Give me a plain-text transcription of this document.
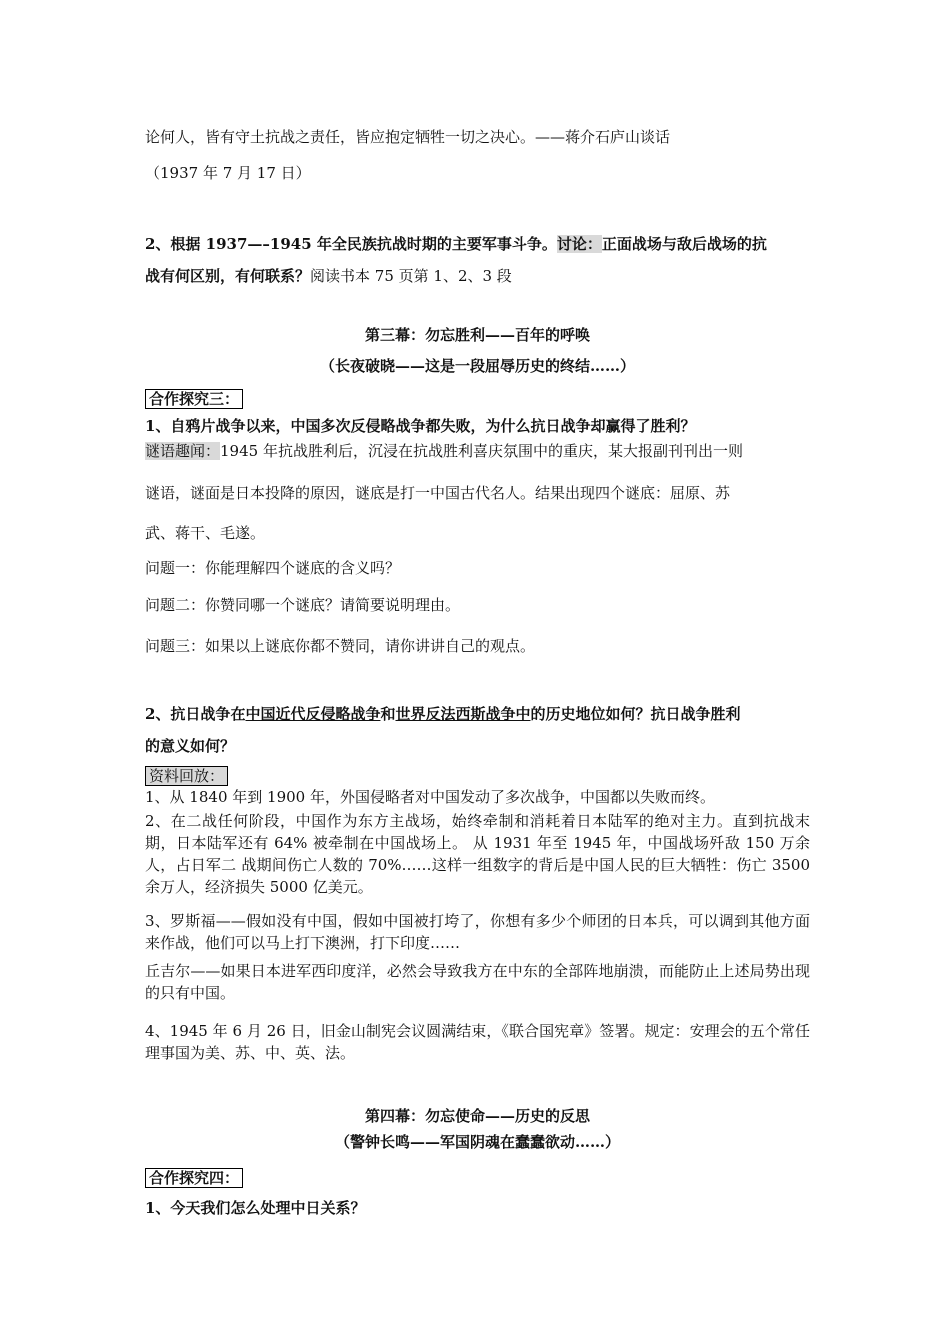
论何人，皆有守土抗战之责任，皆应抱定牺牲一切之决心。——蒋介石庐山谈话
（1937 年 7 月 17 日）
2、根据 1937—–1945 年全民族抗战时期的主要军事斗争。讨论：正面战场与敌后战场的抗
战有何区别，有何联系？阅读书本 75 页第 1、2、3 段
第三幕：勿忘胜利——百年的呼唤
（长夜破晓——这是一段屈辱历史的终结……）
合作探究三：
1、自鸦片战争以来，中国多次反侵略战争都失败，为什么抗日战争却赢得了胜利？
谜语趣闻：1945 年抗战胜利后，沉浸在抗战胜利喜庆氛围中的重庆，某大报副刊刊出一则
谜语，谜面是日本投降的原因，谜底是打一中国古代名人。结果出现四个谜底：屈原、苏
武、蒋干、毛遂。
问题一：你能理解四个谜底的含义吗？
问题二：你赞同哪一个谜底？请简要说明理由。
问题三：如果以上谜底你都不赞同，请你讲讲自己的观点。
2、抗日战争在中国近代反侵略战争和世界反法西斯战争中的历史地位如何？抗日战争胜利
的意义如何？
资料回放：
1、从 1840 年到 1900 年，外国侵略者对中国发动了多次战争，中国都以失败而终。
2、在二战任何阶段，中国作为东方主战场，始终牵制和消耗着日本陆军的绝对主力。直到抗战末期，日本陆军还有 64% 被牵制在中国战场上。 从 1931 年至 1945 年，中国战场歼敌 150 万余人，占日军二 战期间伤亡人数的 70%……这样一组数字的背后是中国人民的巨大牺牲：伤亡 3500 余万人，经济损失 5000 亿美元。
3、罗斯福——假如没有中国，假如中国被打垮了，你想有多少个师团的日本兵，可以调到其他方面来作战，他们可以马上打下澳洲，打下印度……
丘吉尔——如果日本进军西印度洋，必然会导致我方在中东的全部阵地崩溃，而能防止上述局势出现的只有中国。
4、1945 年 6 月 26 日，旧金山制宪会议圆满结束，《联合国宪章》签署。规定：安理会的五个常任理事国为美、苏、中、英、法。
第四幕：勿忘使命——历史的反思
（警钟长鸣——军国阴魂在蠢蠢欲动……）
合作探究四：
1、今天我们怎么处理中日关系？
